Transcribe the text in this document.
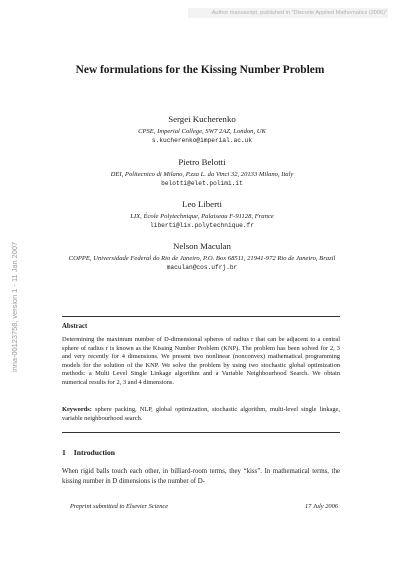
Author manuscript, published in "Discrete Applied Mathematics (2006)"
inria-00123758, version 1 - 11 Jan 2007
New formulations for the Kissing Number Problem
Sergei Kucherenko
CPSE, Imperial College, SW7 2AZ, London, UK
s.kucherenko@imperial.ac.uk
Pietro Belotti
DEI, Politecnico di Milano, P.zza L. da Vinci 32, 20133 Milano, Italy
belotti@elet.polimi.it
Leo Liberti
LIX, École Polytechnique, Palaiseau F-91128, France
liberti@lix.polytechnique.fr
Nelson Maculan
COPPE, Universidade Federal do Rio de Janeiro, P.O. Box 68511, 21941-972 Rio de Janeiro, Brazil
maculan@cos.ufrj.br
Abstract

Determining the maximum number of D-dimensional spheres of radius r that can be adjacent to a central sphere of radius r is known as the Kissing Number Problem (KNP). The problem has been solved for 2, 3 and very recently for 4 dimensions. We present two nonlinear (nonconvex) mathematical programming models for the solution of the KNP. We solve the problem by using two stochastic global optimization methods: a Multi Level Single Linkage algorithm and a Variable Neighbourhood Search. We obtain numerical results for 2, 3 and 4 dimensions.

Keywords: sphere packing, NLP, global optimization, stochastic algorithm, multi-level single linkage, variable neighbourhood search.

1 Introduction

When rigid balls touch each other, in billiard-room terms, they “kiss”. In mathematical terms, the kissing number in D dimensions is the number of D-

Preprint submitted to Elsevier Science	17 July 2006
